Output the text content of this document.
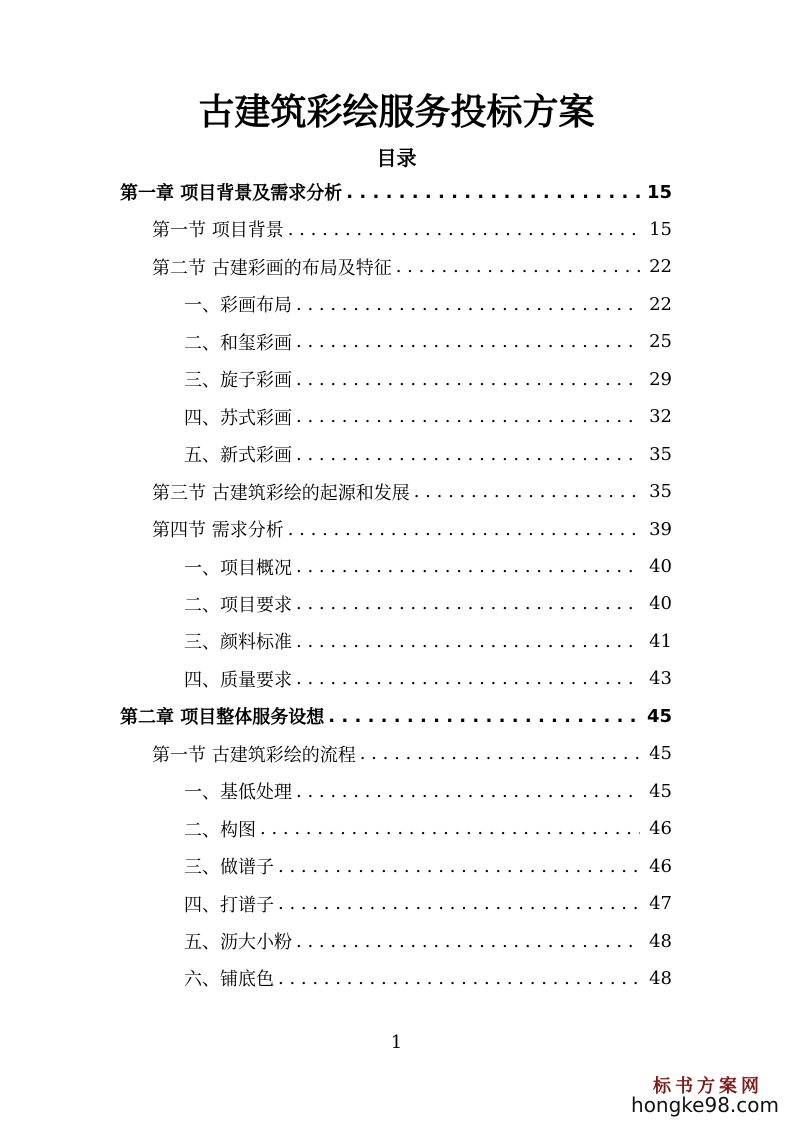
古建筑彩绘服务投标方案
目录
第一章 项目背景及需求分析 . . .	15
第一节 项目背景 . . .	15
第二节 古建彩画的布局及特征 . . .	22
一、彩画布局 . . .	22
二、和玺彩画 . . .	25
三、旋子彩画 . . .	29
四、苏式彩画 . . .	32
五、新式彩画 . . .	35
第三节 古建筑彩绘的起源和发展 . . .	35
第四节 需求分析 . . .	39
一、项目概况 . . .	40
二、项目要求 . . .	40
三、颜料标准 . . .	41
四、质量要求 . . .	43
第二章 项目整体服务设想 . . .	45
第一节 古建筑彩绘的流程 . . .	45
一、基低处理 . . .	45
二、构图 . . .	46
三、做谱子 . . .	46
四、打谱子 . . .	47
五、沥大小粉 . . .	48
六、铺底色 . . .	48
1
标书方案网
hongke98.com
